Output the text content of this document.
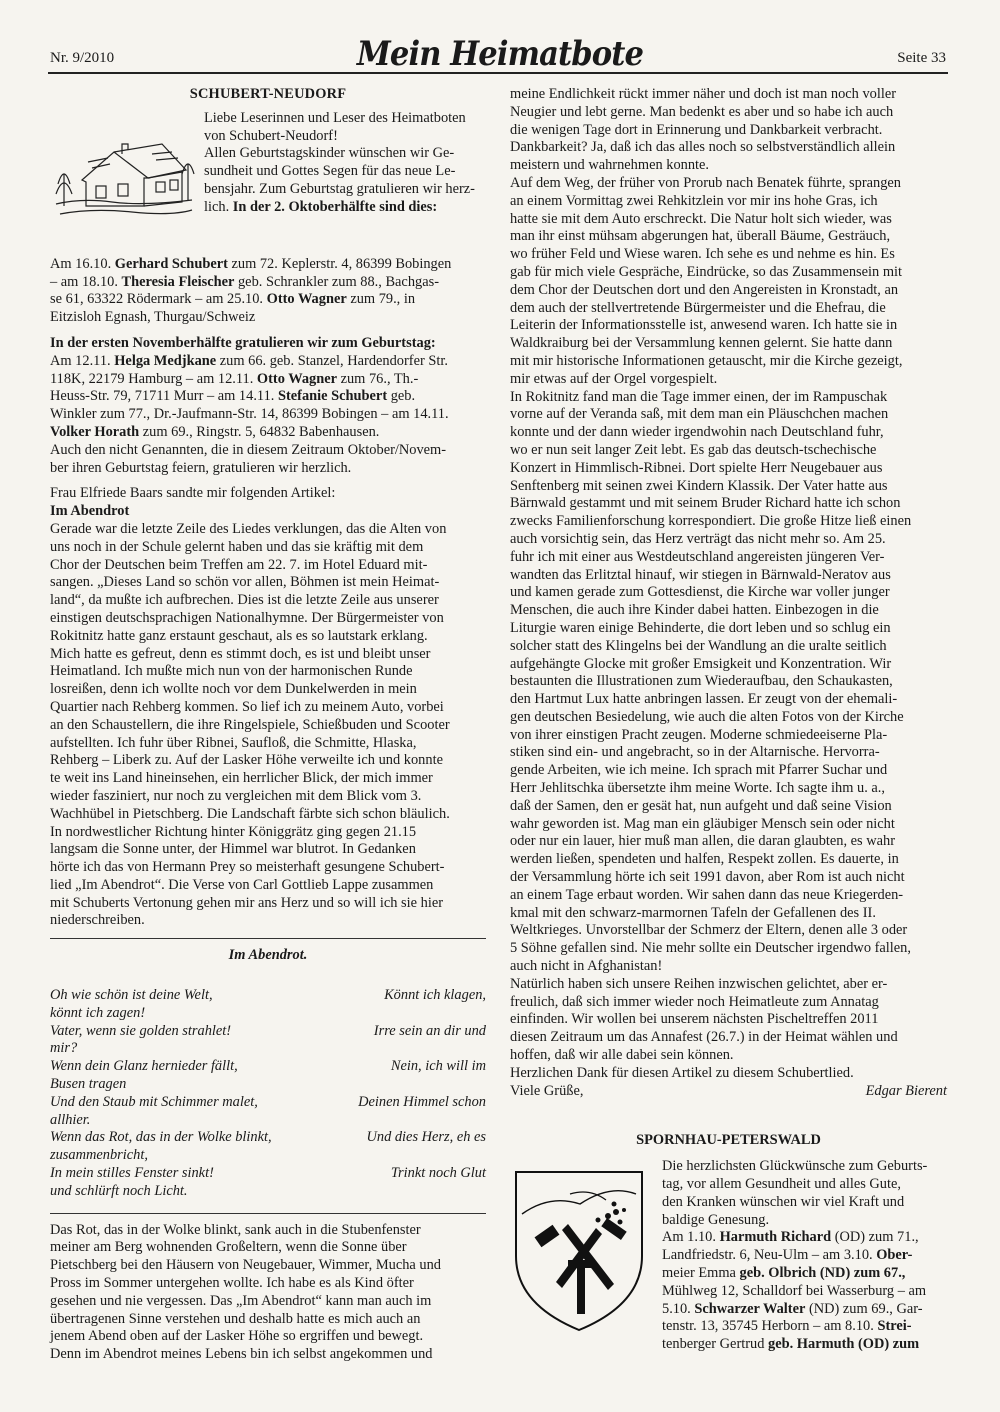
Nr. 9/2010	Mein Heimatbote	Seite 33
SCHUBERT-NEUDORF

Liebe Leserinnen und Leser des Heimatboten

von Schubert-Neudorf!

Allen Geburtstagskinder wünschen wir Ge-

sundheit und Gottes Segen für das neue Le-

bensjahr. Zum Geburtstag gratulieren wir herz-

lich. In der 2. Oktoberhälfte sind dies:

Am 16.10. Gerhard Schubert zum 72. Keplerstr. 4, 86399 Bobingen

– am 18.10. Theresia Fleischer geb. Schrankler zum 88., Bachgas-

se 61, 63322 Rödermark – am 25.10. Otto Wagner zum 79., in

Eitzisloh Egnash, Thurgau/Schweiz

In der ersten Novemberhälfte gratulieren wir zum Geburtstag:

Am 12.11. Helga Medjkane zum 66. geb. Stanzel, Hardendorfer Str.

118K, 22179 Hamburg – am 12.11. Otto Wagner zum 76., Th.-

Heuss-Str. 79, 71711 Murr – am 14.11. Stefanie Schubert geb.

Winkler zum 77., Dr.-Jaufmann-Str. 14, 86399 Bobingen – am 14.11.

Volker Horath zum 69., Ringstr. 5, 64832 Babenhausen.

Auch den nicht Genannten, die in diesem Zeitraum Oktober/Novem-

ber ihren Geburtstag feiern, gratulieren wir herzlich.

Frau Elfriede Baars sandte mir folgenden Artikel:

Im Abendrot

Gerade war die letzte Zeile des Liedes verklungen, das die Alten von

uns noch in der Schule gelernt haben und das sie kräftig mit dem

Chor der Deutschen beim Treffen am 22. 7. im Hotel Eduard mit-

sangen. „Dieses Land so schön vor allen, Böhmen ist mein Heimat-

land“, da mußte ich aufbrechen. Dies ist die letzte Zeile aus unserer

einstigen deutschsprachigen Nationalhymne. Der Bürgermeister von

Rokitnitz hatte ganz erstaunt geschaut, als es so lautstark erklang.

Mich hatte es gefreut, denn es stimmt doch, es ist und bleibt unser

Heimatland. Ich mußte mich nun von der harmonischen Runde

losreißen, denn ich wollte noch vor dem Dunkelwerden in mein

Quartier nach Rehberg kommen. So lief ich zu meinem Auto, vorbei

an den Schaustellern, die ihre Ringelspiele, Schießbuden und Scooter

aufstellten. Ich fuhr über Ribnei, Saufloß, die Schmitte, Hlaska,

Rehberg – Liberk zu. Auf der Lasker Höhe verweilte ich und konnte

te weit ins Land hineinsehen, ein herrlicher Blick, der mich immer

wieder fasziniert, nur noch zu vergleichen mit dem Blick vom 3.

Wachhübel in Pietschberg. Die Landschaft färbte sich schon bläulich.

In nordwestlicher Richtung hinter Königgrätz ging gegen 21.15

langsam die Sonne unter, der Himmel war blutrot. In Gedanken

hörte ich das von Hermann Prey so meisterhaft gesungene Schubert-

lied „Im Abendrot“. Die Verse von Carl Gottlieb Lappe zusammen

mit Schuberts Vertonung gehen mir ans Herz und so will ich sie hier

niederschreiben.

Im Abendrot.
Oh wie schön ist deine Welt,	Könnt ich klagen,
könnt ich zagen!
Vater, wenn sie golden strahlet!	Irre sein an dir und
mir?
Wenn dein Glanz hernieder fällt,	Nein, ich will im
Busen tragen
Und den Staub mit Schimmer malet,	Deinen Himmel schon
allhier.
Wenn das Rot, das in der Wolke blinkt,	Und dies Herz, eh es
zusammenbricht,
In mein stilles Fenster sinkt!	Trinkt noch Glut
und schlürft noch Licht.

Das Rot, das in der Wolke blinkt, sank auch in die Stubenfenster

meiner am Berg wohnenden Großeltern, wenn die Sonne über

Pietschberg bei den Häusern von Neugebauer, Wimmer, Mucha und

Pross im Sommer untergehen wollte. Ich habe es als Kind öfter

gesehen und nie vergessen. Das „Im Abendrot“ kann man auch im

übertragenen Sinne verstehen und deshalb hatte es mich auch an

jenem Abend oben auf der Lasker Höhe so ergriffen und bewegt.

Denn im Abendrot meines Lebens bin ich selbst angekommen und

meine Endlichkeit rückt immer näher und doch ist man noch voller

Neugier und lebt gerne. Man bedenkt es aber und so habe ich auch

die wenigen Tage dort in Erinnerung und Dankbarkeit verbracht.

Dankbarkeit? Ja, daß ich das alles noch so selbstverständlich allein

meistern und wahrnehmen konnte.

Auf dem Weg, der früher von Prorub nach Benatek führte, sprangen

an einem Vormittag zwei Rehkitzlein vor mir ins hohe Gras, ich

hatte sie mit dem Auto erschreckt. Die Natur holt sich wieder, was

man ihr einst mühsam abgerungen hat, überall Bäume, Gesträuch,

wo früher Feld und Wiese waren. Ich sehe es und nehme es hin. Es

gab für mich viele Gespräche, Eindrücke, so das Zusammensein mit

dem Chor der Deutschen dort und den Angereisten in Kronstadt, an

dem auch der stellvertretende Bürgermeister und die Ehefrau, die

Leiterin der Informationsstelle ist, anwesend waren. Ich hatte sie in

Waldkraiburg bei der Versammlung kennen gelernt. Sie hatte dann

mit mir historische Informationen getauscht, mir die Kirche gezeigt,

mir etwas auf der Orgel vorgespielt.

In Rokitnitz fand man die Tage immer einen, der im Rampuschak

vorne auf der Veranda saß, mit dem man ein Pläuschchen machen

konnte und der dann wieder irgendwohin nach Deutschland fuhr,

wo er nun seit langer Zeit lebt. Es gab das deutsch-tschechische

Konzert in Himmlisch-Ribnei. Dort spielte Herr Neugebauer aus

Senftenberg mit seinen zwei Kindern Klassik. Der Vater hatte aus

Bärnwald gestammt und mit seinem Bruder Richard hatte ich schon

zwecks Familienforschung korrespondiert. Die große Hitze ließ einen

auch vorsichtig sein, das Herz verträgt das nicht mehr so. Am 25.

fuhr ich mit einer aus Westdeutschland angereisten jüngeren Ver-

wandten das Erlitztal hinauf, wir stiegen in Bärnwald-Neratov aus

und kamen gerade zum Gottesdienst, die Kirche war voller junger

Menschen, die auch ihre Kinder dabei hatten. Einbezogen in die

Liturgie waren einige Behinderte, die dort leben und so schlug ein

solcher statt des Klingelns bei der Wandlung an die uralte seitlich

aufgehängte Glocke mit großer Emsigkeit und Konzentration. Wir

bestaunten die Illustrationen zum Wiederaufbau, den Schaukasten,

den Hartmut Lux hatte anbringen lassen. Er zeugt von der ehemali-

gen deutschen Besiedelung, wie auch die alten Fotos von der Kirche

von ihrer einstigen Pracht zeugen. Moderne schmiedeeiserne Pla-

stiken sind ein- und angebracht, so in der Altarnische. Hervorra-

gende Arbeiten, wie ich meine. Ich sprach mit Pfarrer Suchar und

Herr Jehlitschka übersetzte ihm meine Worte. Ich sagte ihm u. a.,

daß der Samen, den er gesät hat, nun aufgeht und daß seine Vision

wahr geworden ist. Mag man ein gläubiger Mensch sein oder nicht

oder nur ein lauer, hier muß man allen, die daran glaubten, es wahr

werden ließen, spendeten und halfen, Respekt zollen. Es dauerte, in

der Versammlung hörte ich seit 1991 davon, aber Rom ist auch nicht

an einem Tage erbaut worden. Wir sahen dann das neue Kriegerden-

kmal mit den schwarz-marmornen Tafeln der Gefallenen des II.

Weltkrieges. Unvorstellbar der Schmerz der Eltern, denen alle 3 oder

5 Söhne gefallen sind. Nie mehr sollte ein Deutscher irgendwo fallen,

auch nicht in Afghanistan!

Natürlich haben sich unsere Reihen inzwischen gelichtet, aber er-

freulich, daß sich immer wieder noch Heimatleute zum Annatag

einfinden. Wir wollen bei unserem nächsten Pischeltreffen 2011

diesen Zeitraum um das Annafest (26.7.) in der Heimat wählen und

hoffen, daß wir alle dabei sein können.

Herzlichen Dank für diesen Artikel zu diesem Schubertlied.

Viele Grüße,	Edgar Bierent
SPORNHAU-PETERSWALD

Die herzlichsten Glückwünsche zum Geburts-

tag, vor allem Gesundheit und alles Gute,

den Kranken wünschen wir viel Kraft und

baldige Genesung.

Am 1.10. Harmuth Richard (OD) zum 71.,

Landfriedstr. 6, Neu-Ulm – am 3.10. Ober-

meier Emma geb. Olbrich (ND) zum 67.,

Mühlweg 12, Schalldorf bei Wasserburg – am

5.10. Schwarzer Walter (ND) zum 69., Gar-

tenstr. 13, 35745 Herborn – am 8.10. Strei-

tenberger Gertrud geb. Harmuth (OD) zum
